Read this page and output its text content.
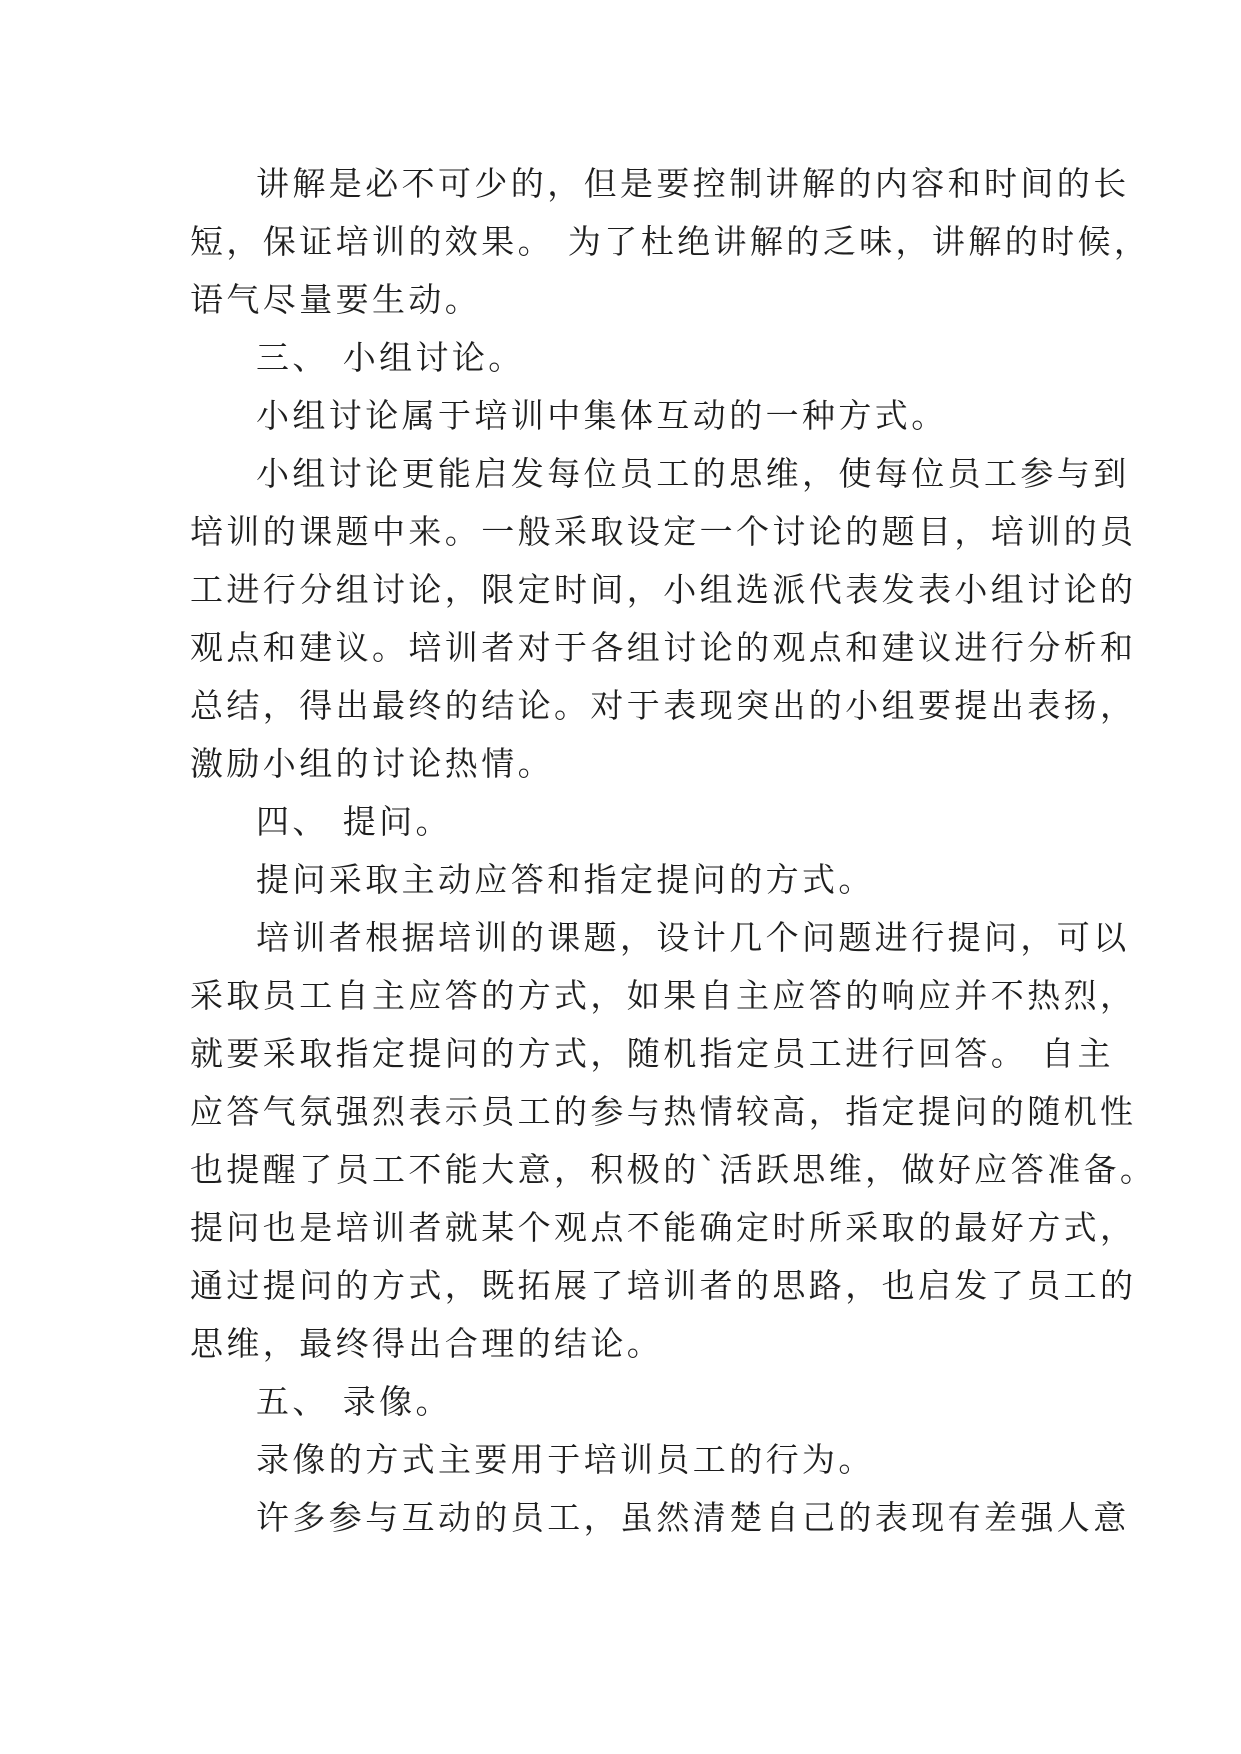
讲解是必不可少的，但是要控制讲解的内容和时间的长
短，保证培训的效果。 为了杜绝讲解的乏味，讲解的时候，
语气尽量要生动。
三、 小组讨论。
小组讨论属于培训中集体互动的一种方式。
小组讨论更能启发每位员工的思维，使每位员工参与到
培训的课题中来。一般采取设定一个讨论的题目，培训的员
工进行分组讨论，限定时间，小组选派代表发表小组讨论的
观点和建议。培训者对于各组讨论的观点和建议进行分析和
总结，得出最终的结论。对于表现突出的小组要提出表扬，
激励小组的讨论热情。
四、 提问。
提问采取主动应答和指定提问的方式。
培训者根据培训的课题，设计几个问题进行提问，可以
采取员工自主应答的方式，如果自主应答的响应并不热烈，
就要采取指定提问的方式，随机指定员工进行回答。 自主
应答气氛强烈表示员工的参与热情较高，指定提问的随机性
也提醒了员工不能大意，积极的`活跃思维，做好应答准备。
提问也是培训者就某个观点不能确定时所采取的最好方式，
通过提问的方式，既拓展了培训者的思路，也启发了员工的
思维，最终得出合理的结论。
五、 录像。
录像的方式主要用于培训员工的行为。
许多参与互动的员工，虽然清楚自己的表现有差强人意
